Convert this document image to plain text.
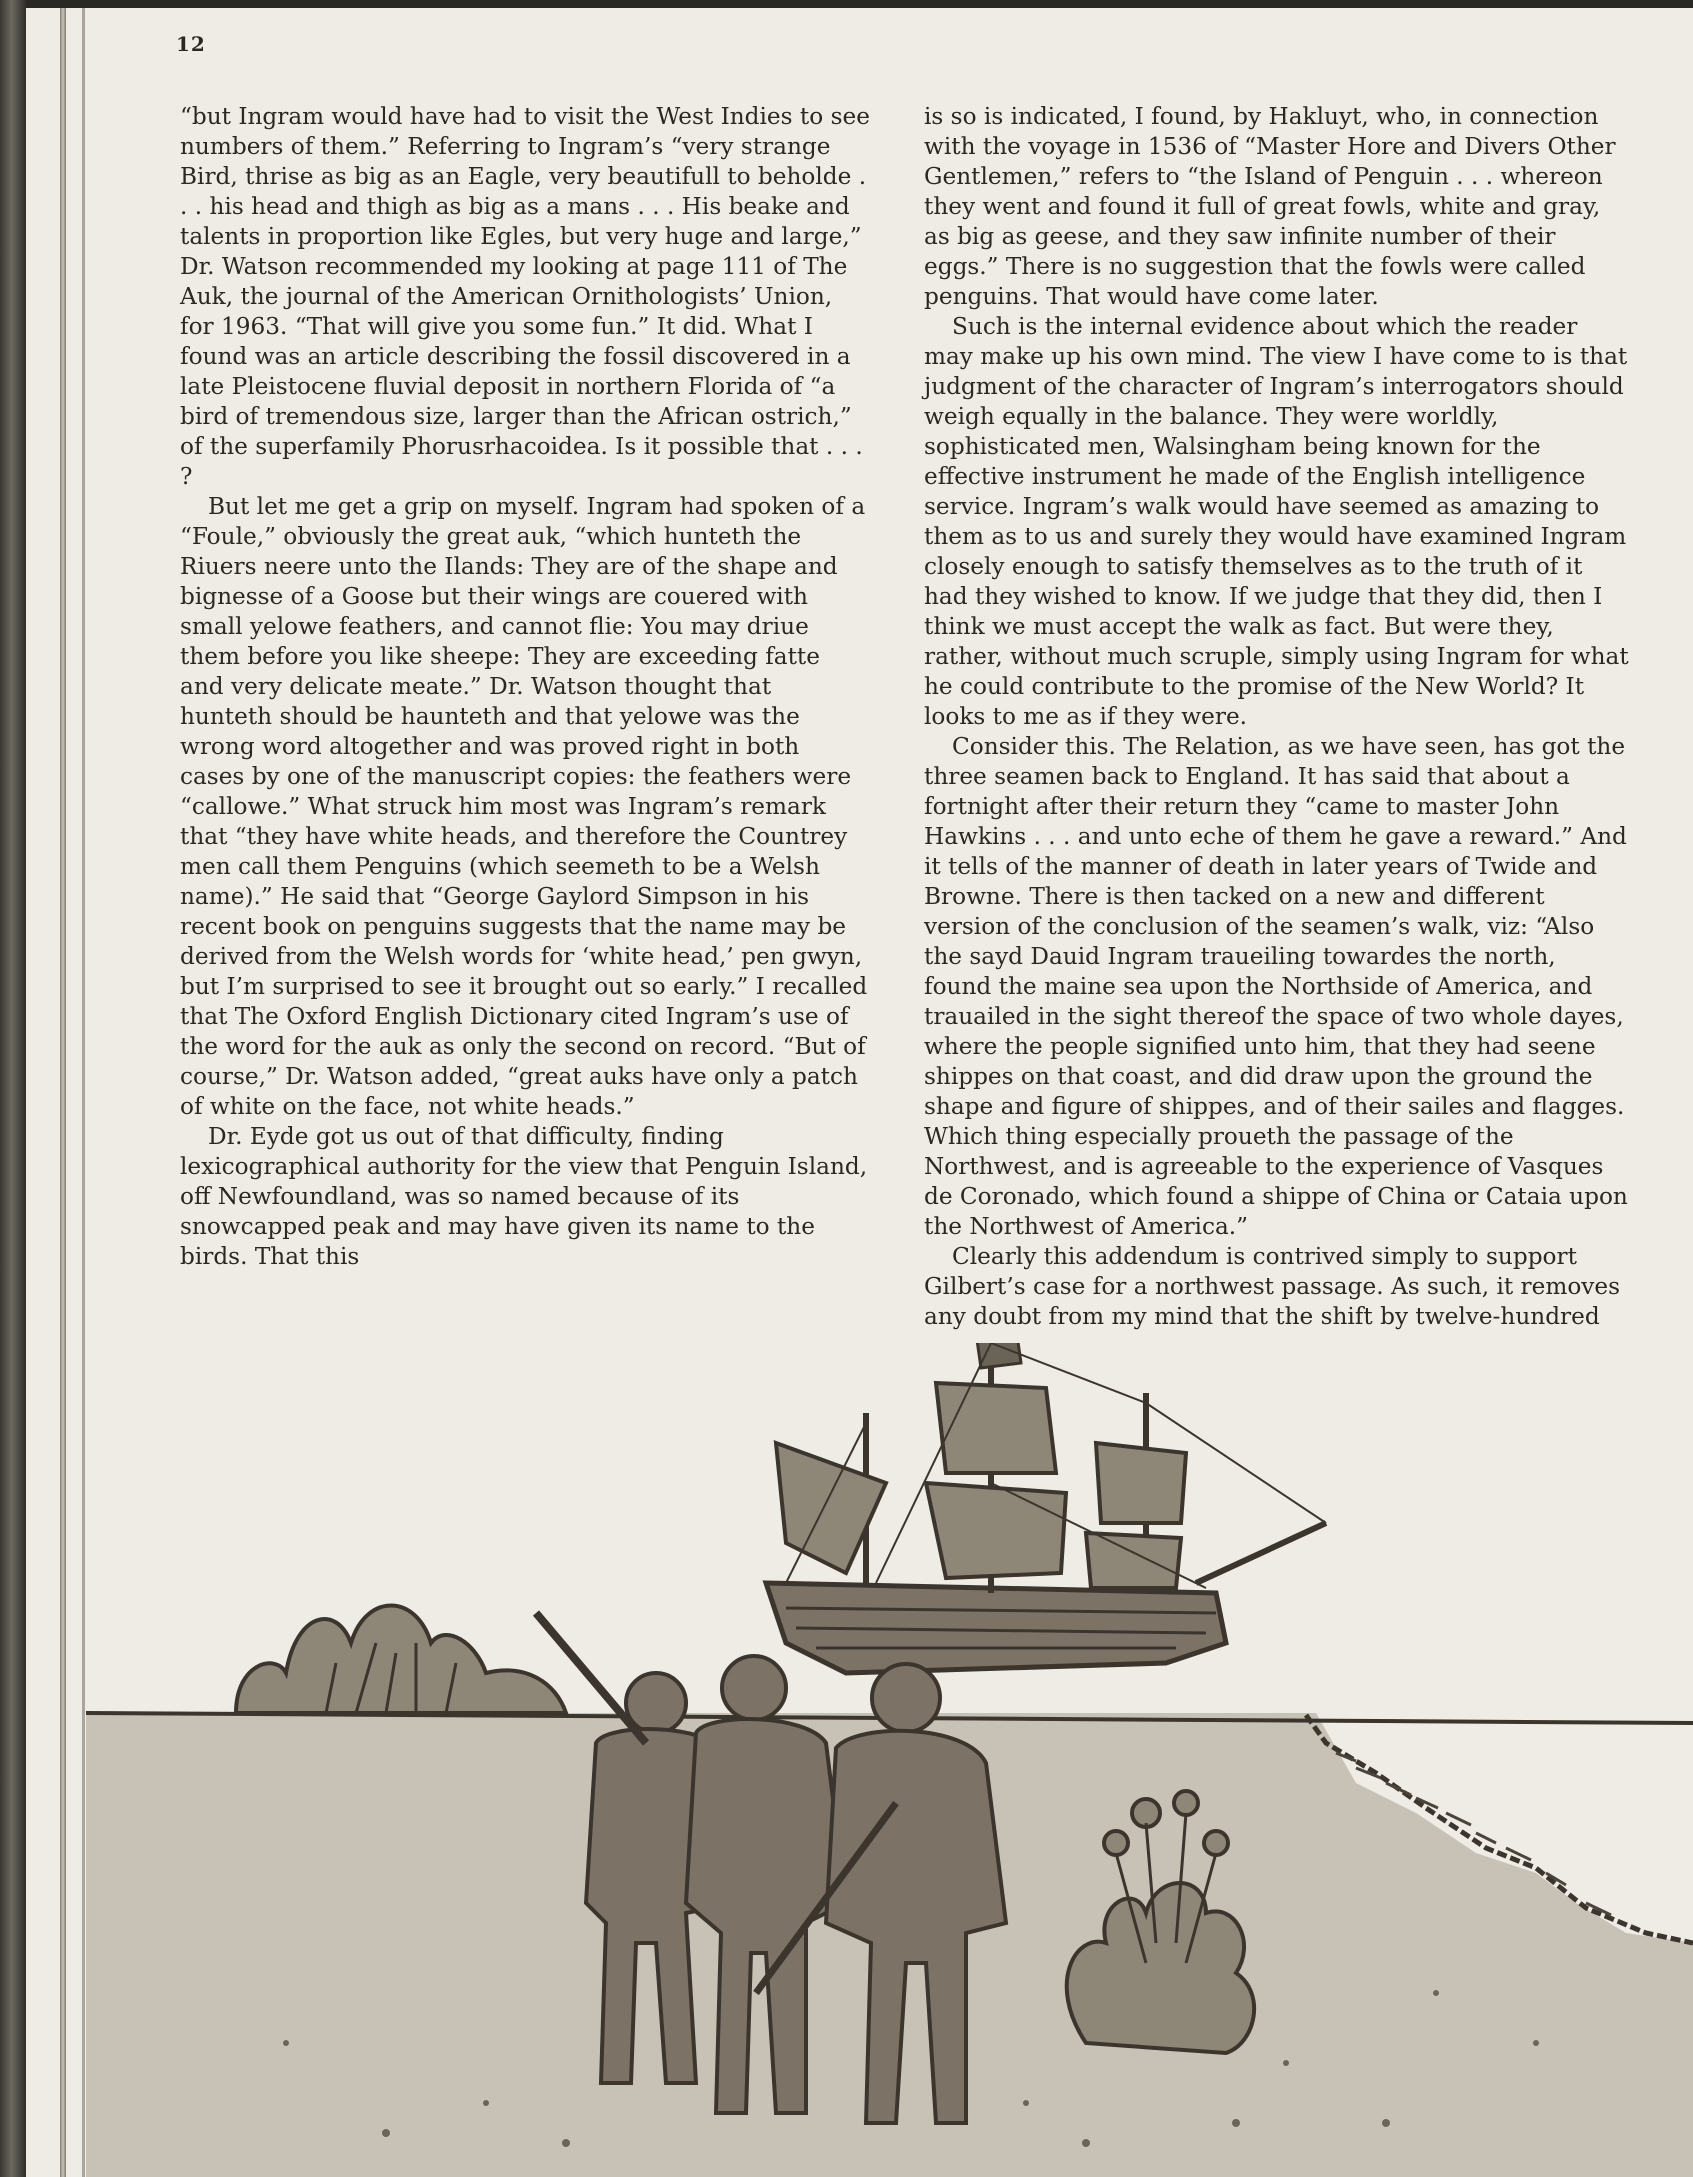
12

“but Ingram would have had to visit the West Indies to see numbers of them.” Referring to Ingram’s “very strange Bird, thrise as big as an Eagle, very beautifull to beholde . . . his head and thigh as big as a mans . . . His beake and talents in proportion like Egles, but very huge and large,” Dr. Watson recommended my looking at page 111 of The Auk, the journal of the American Ornithologists’ Union, for 1963. “That will give you some fun.” It did. What I found was an article describing the fossil discovered in a late Pleistocene fluvial deposit in northern Florida of “a bird of tremendous size, larger than the African ostrich,” of the superfamily Phorusrhacoidea. Is it possible that . . . ?

But let me get a grip on myself. Ingram had spoken of a “Foule,” obviously the great auk, “which hunteth the Riuers neere unto the Ilands: They are of the shape and bignesse of a Goose but their wings are couered with small yelowe feathers, and cannot flie: You may driue them before you like sheepe: They are exceeding fatte and very delicate meate.” Dr. Watson thought that hunteth should be haunteth and that yelowe was the wrong word altogether and was proved right in both cases by one of the manuscript copies: the feathers were “callowe.” What struck him most was Ingram’s remark that “they have white heads, and therefore the Countrey men call them Penguins (which seemeth to be a Welsh name).” He said that “George Gaylord Simpson in his recent book on penguins suggests that the name may be derived from the Welsh words for ‘white head,’ pen gwyn, but I’m surprised to see it brought out so early.” I recalled that The Oxford English Dictionary cited Ingram’s use of the word for the auk as only the second on record. “But of course,” Dr. Watson added, “great auks have only a patch of white on the face, not white heads.”

Dr. Eyde got us out of that difficulty, finding lexicographical authority for the view that Penguin Island, off Newfoundland, was so named because of its snowcapped peak and may have given its name to the birds. That this

is so is indicated, I found, by Hakluyt, who, in connection with the voyage in 1536 of “Master Hore and Divers Other Gentlemen,” refers to “the Island of Penguin . . . whereon they went and found it full of great fowls, white and gray, as big as geese, and they saw infinite number of their eggs.” There is no suggestion that the fowls were called penguins. That would have come later.

Such is the internal evidence about which the reader may make up his own mind. The view I have come to is that judgment of the character of Ingram’s interrogators should weigh equally in the balance. They were worldly, sophisticated men, Walsingham being known for the effective instrument he made of the English intelligence service. Ingram’s walk would have seemed as amazing to them as to us and surely they would have examined Ingram closely enough to satisfy themselves as to the truth of it had they wished to know. If we judge that they did, then I think we must accept the walk as fact. But were they, rather, without much scruple, simply using Ingram for what he could contribute to the promise of the New World? It looks to me as if they were.

Consider this. The Relation, as we have seen, has got the three seamen back to England. It has said that about a fortnight after their return they “came to master John Hawkins . . . and unto eche of them he gave a reward.” And it tells of the manner of death in later years of Twide and Browne. There is then tacked on a new and different version of the conclusion of the seamen’s walk, viz: “Also the sayd Dauid Ingram traueiling towardes the north, found the maine sea upon the Northside of America, and trauailed in the sight thereof the space of two whole dayes, where the people signified unto him, that they had seene shippes on that coast, and did draw upon the ground the shape and figure of shippes, and of their sailes and flagges. Which thing especially proueth the passage of the Northwest, and is agreeable to the experience of Vasques de Coronado, which found a shippe of China or Cataia upon the Northwest of America.”

Clearly this addendum is contrived simply to support Gilbert’s case for a northwest passage. As such, it removes any doubt from my mind that the shift by twelve-hundred
